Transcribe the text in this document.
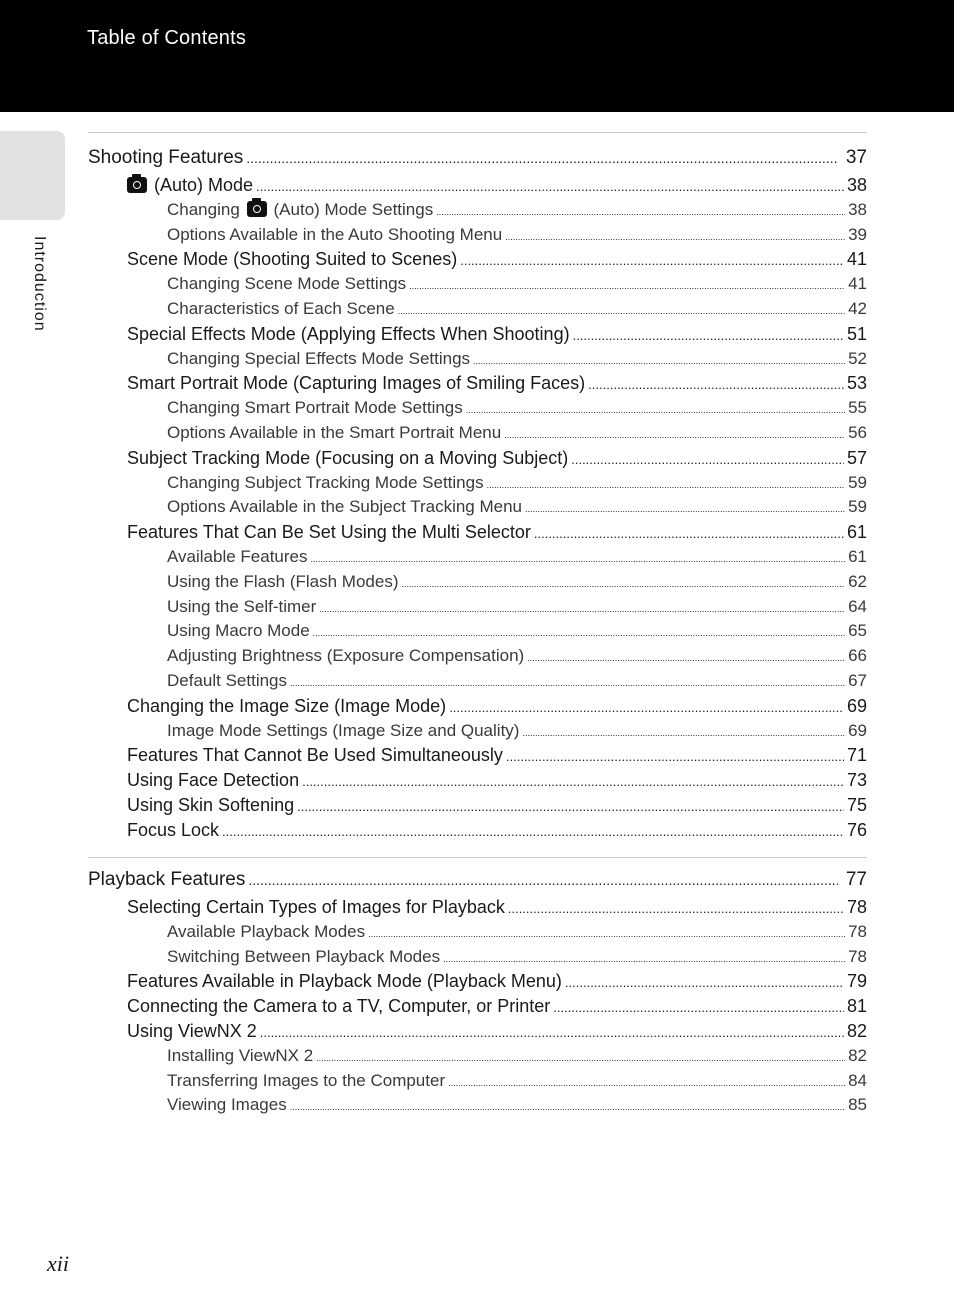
Table of Contents
Introduction
Shooting Features .....	37
(Auto) Mode .....	38
Changing (Auto) Mode Settings .....	38
Options Available in the Auto Shooting Menu .....	39
Scene Mode (Shooting Suited to Scenes) .....	41
Changing Scene Mode Settings .....	41
Characteristics of Each Scene .....	42
Special Effects Mode (Applying Effects When Shooting) .....	51
Changing Special Effects Mode Settings .....	52
Smart Portrait Mode (Capturing Images of Smiling Faces) .....	53
Changing Smart Portrait Mode Settings .....	55
Options Available in the Smart Portrait Menu .....	56
Subject Tracking Mode (Focusing on a Moving Subject) .....	57
Changing Subject Tracking Mode Settings .....	59
Options Available in the Subject Tracking Menu .....	59
Features That Can Be Set Using the Multi Selector .....	61
Available Features .....	61
Using the Flash (Flash Modes) .....	62
Using the Self-timer .....	64
Using Macro Mode .....	65
Adjusting Brightness (Exposure Compensation) .....	66
Default Settings .....	67
Changing the Image Size (Image Mode) .....	69
Image Mode Settings (Image Size and Quality) .....	69
Features That Cannot Be Used Simultaneously .....	71
Using Face Detection .....	73
Using Skin Softening .....	75
Focus Lock .....	76
Playback Features .....	77
Selecting Certain Types of Images for Playback .....	78
Available Playback Modes .....	78
Switching Between Playback Modes .....	78
Features Available in Playback Mode (Playback Menu) .....	79
Connecting the Camera to a TV, Computer, or Printer .....	81
Using ViewNX 2 .....	82
Installing ViewNX 2 .....	82
Transferring Images to the Computer .....	84
Viewing Images .....	85
xii
